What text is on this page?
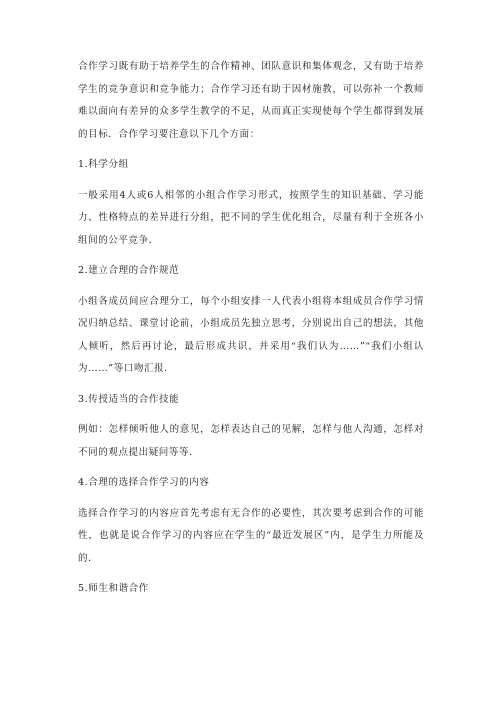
合作学习既有助于培养学生的合作精神、团队意识和集体观念，又有助于培养学生的竞争意识和竞争能力；合作学习还有助于因材施教，可以弥补一个教师难以面向有差异的众多学生教学的不足，从而真正实现使每个学生都得到发展的目标．合作学习要注意以下几个方面：

1.科学分组

一般采用4人或6人相邻的小组合作学习形式，按照学生的知识基础、学习能力、性格特点的差异进行分组，把不同的学生优化组合，尽量有利于全班各小组间的公平竞争．

2.建立合理的合作规范

小组各成员间应合理分工，每个小组安排一人代表小组将本组成员合作学习情况归纳总结、课堂讨论前，小组成员先独立思考，分别说出自己的想法，其他人倾听，然后再讨论，最后形成共识，并采用“我们认为……”“我们小组认为……”等口吻汇报．

3.传授适当的合作技能

例如：怎样倾听他人的意见，怎样表达自己的见解，怎样与他人沟通，怎样对不同的观点提出疑问等等．

4.合理的选择合作学习的内容

选择合作学习的内容应首先考虑有无合作的必要性，其次要考虑到合作的可能性，也就是说合作学习的内容应在学生的“最近发展区”内，是学生力所能及的．

5.师生和谐合作
